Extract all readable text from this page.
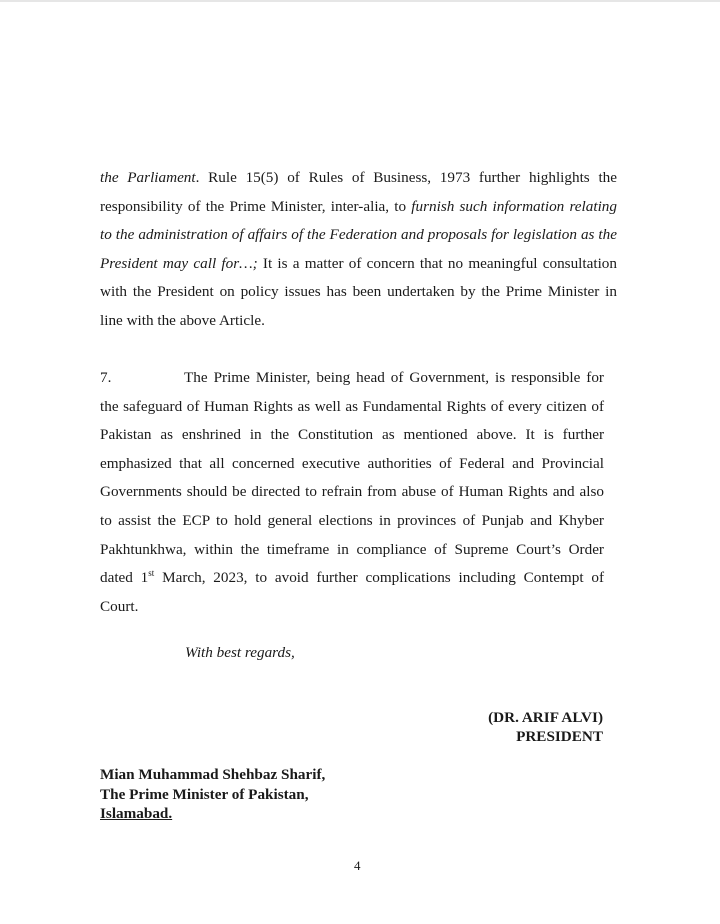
the Parliament. Rule 15(5) of Rules of Business, 1973 further highlights the responsibility of the Prime Minister, inter-alia, to furnish such information relating to the administration of affairs of the Federation and proposals for legislation as the President may call for…; It is a matter of concern that no meaningful consultation with the President on policy issues has been undertaken by the Prime Minister in line with the above Article.

7.	The Prime Minister, being head of Government, is responsible for the safeguard of Human Rights as well as Fundamental Rights of every citizen of Pakistan as enshrined in the Constitution as mentioned above. It is further emphasized that all concerned executive authorities of Federal and Provincial Governments should be directed to refrain from abuse of Human Rights and also to assist the ECP to hold general elections in provinces of Punjab and Khyber Pakhtunkhwa, within the timeframe in compliance of Supreme Court’s Order dated 1st March, 2023, to avoid further complications including Contempt of Court.

With best regards,
(DR. ARIF ALVI)
PRESIDENT
Mian Muhammad Shehbaz Sharif,
The Prime Minister of Pakistan,
Islamabad.
4
